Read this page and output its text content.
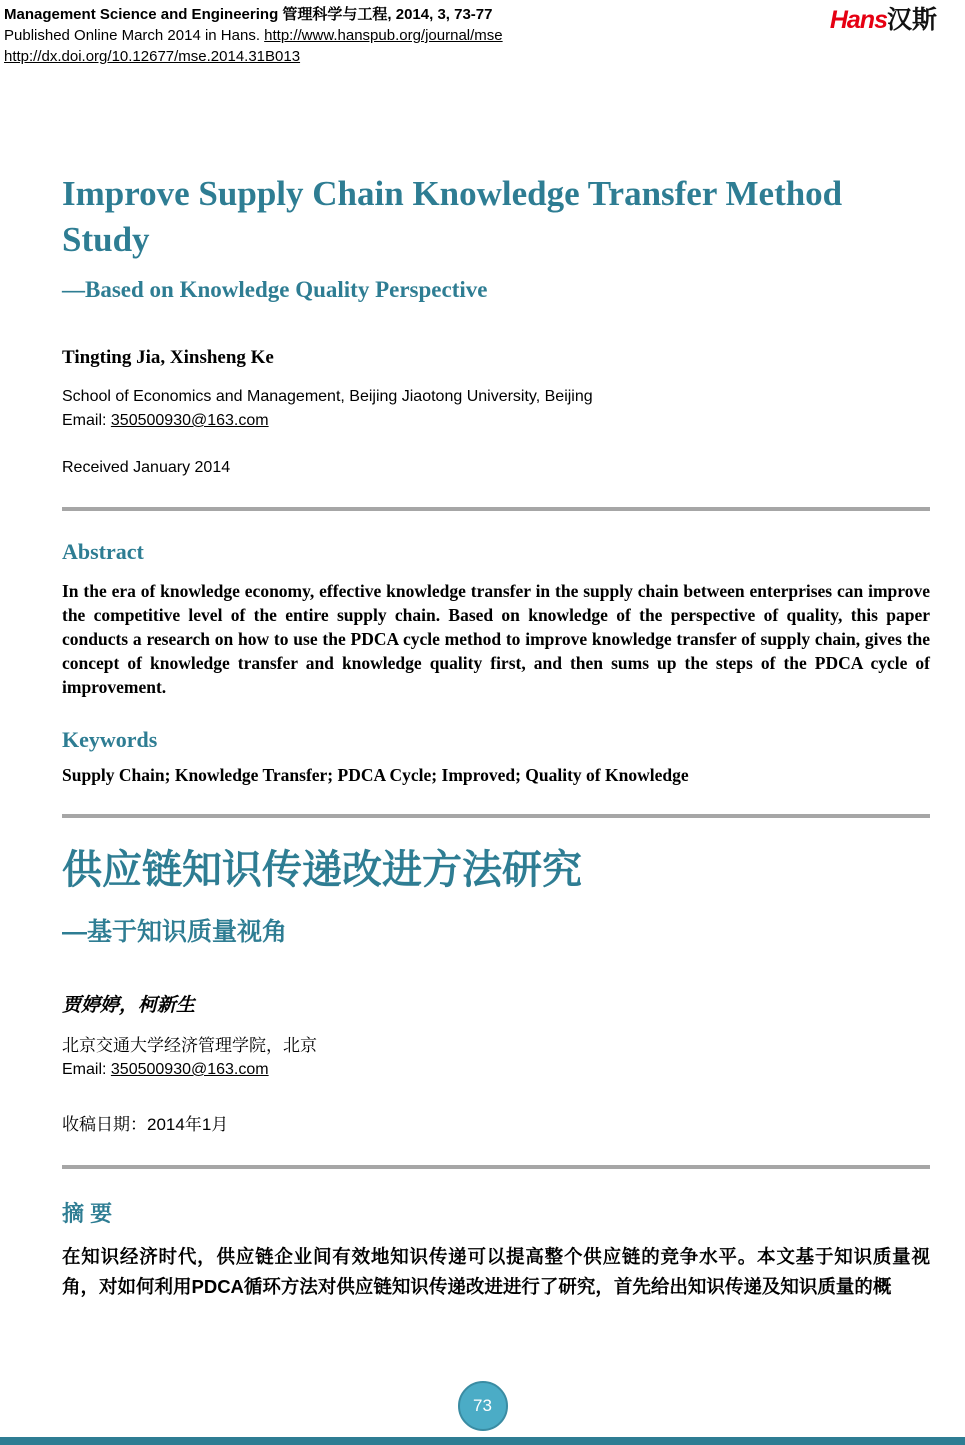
Management Science and Engineering 管理科学与工程, 2014, 3, 73-77
Published Online March 2014 in Hans. http://www.hanspub.org/journal/mse
http://dx.doi.org/10.12677/mse.2014.31B013
Hans汉斯
Improve Supply Chain Knowledge Transfer Method Study
—Based on Knowledge Quality Perspective
Tingting Jia, Xinsheng Ke
School of Economics and Management, Beijing Jiaotong University, Beijing
Email: 350500930@163.com
Received January 2014
Abstract
In the era of knowledge economy, effective knowledge transfer in the supply chain between enterprises can improve the competitive level of the entire supply chain. Based on knowledge of the perspective of quality, this paper conducts a research on how to use the PDCA cycle method to improve knowledge transfer of supply chain, gives the concept of knowledge transfer and knowledge quality first, and then sums up the steps of the PDCA cycle of improvement.
Keywords
Supply Chain; Knowledge Transfer; PDCA Cycle; Improved; Quality of Knowledge
供应链知识传递改进方法研究
—基于知识质量视角
贾婷婷，柯新生
北京交通大学经济管理学院，北京
Email: 350500930@163.com
收稿日期：2014年1月
摘 要
在知识经济时代，供应链企业间有效地知识传递可以提高整个供应链的竞争水平。本文基于知识质量视角，对如何利用PDCA循环方法对供应链知识传递改进进行了研究，首先给出知识传递及知识质量的概
73
